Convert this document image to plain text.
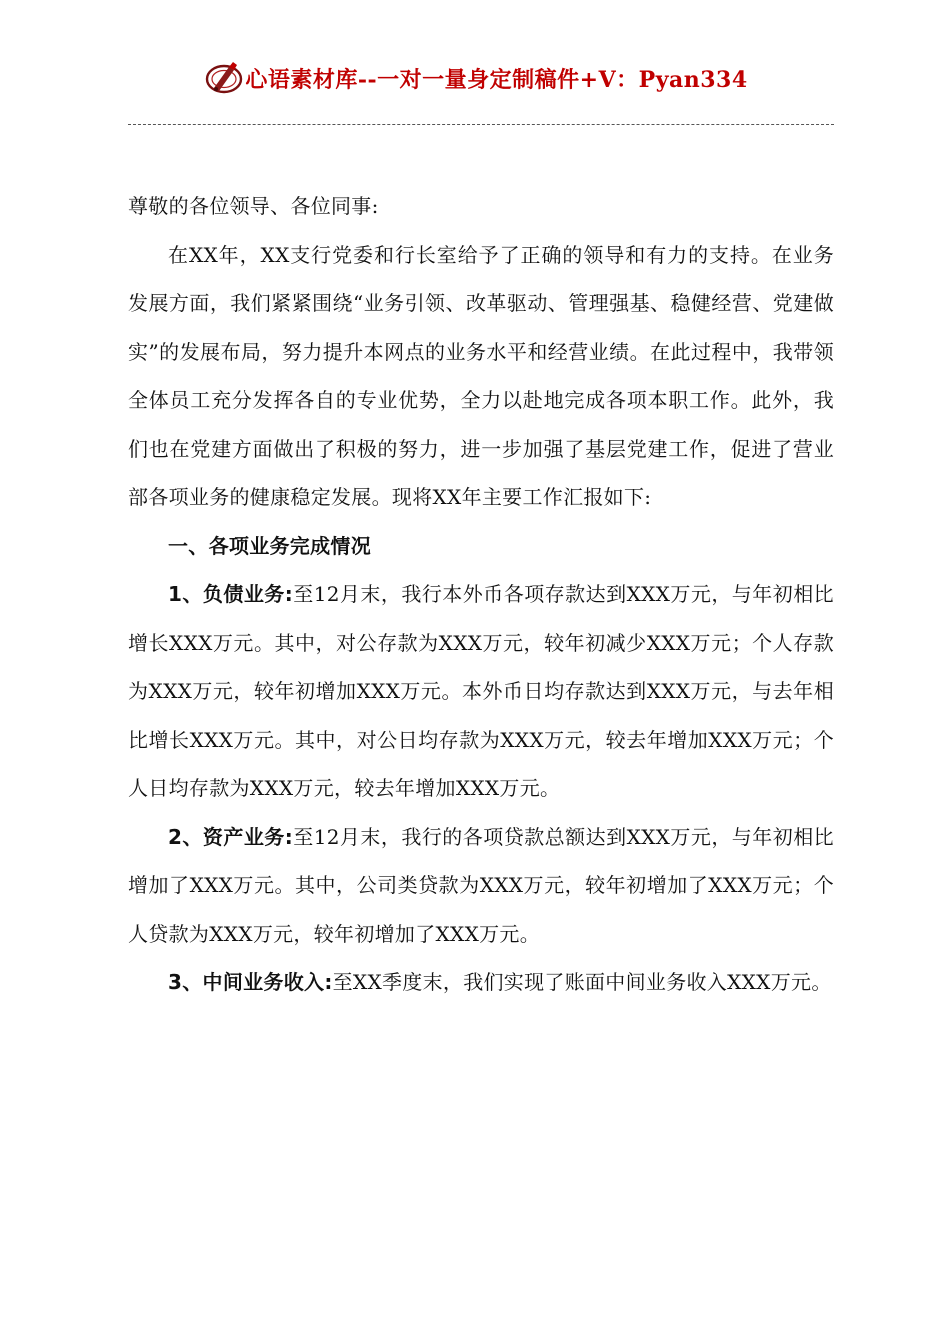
心语素材库--一对一量身定制稿件+V：Pyan334

尊敬的各位领导、各位同事:

在XX年，XX支行党委和行长室给予了正确的领导和有力的支持。在业务发展方面，我们紧紧围绕“业务引领、改革驱动、管理强基、稳健经营、党建做实”的发展布局，努力提升本网点的业务水平和经营业绩。在此过程中，我带领全体员工充分发挥各自的专业优势，全力以赴地完成各项本职工作。此外，我们也在党建方面做出了积极的努力，进一步加强了基层党建工作，促进了营业部各项业务的健康稳定发展。现将XX年主要工作汇报如下:

一、各项业务完成情况

1、负债业务:至12月末，我行本外币各项存款达到XXX万元，与年初相比增长XXX万元。其中，对公存款为XXX万元，较年初减少XXX万元；个人存款为XXX万元，较年初增加XXX万元。本外币日均存款达到XXX万元，与去年相比增长XXX万元。其中，对公日均存款为XXX万元，较去年增加XXX万元；个人日均存款为XXX万元，较去年增加XXX万元。

2、资产业务:至12月末，我行的各项贷款总额达到XXX万元，与年初相比增加了XXX万元。其中，公司类贷款为XXX万元，较年初增加了XXX万元；个人贷款为XXX万元，较年初增加了XXX万元。

3、中间业务收入:至XX季度末，我们实现了账面中间业务收入XXX万元。
